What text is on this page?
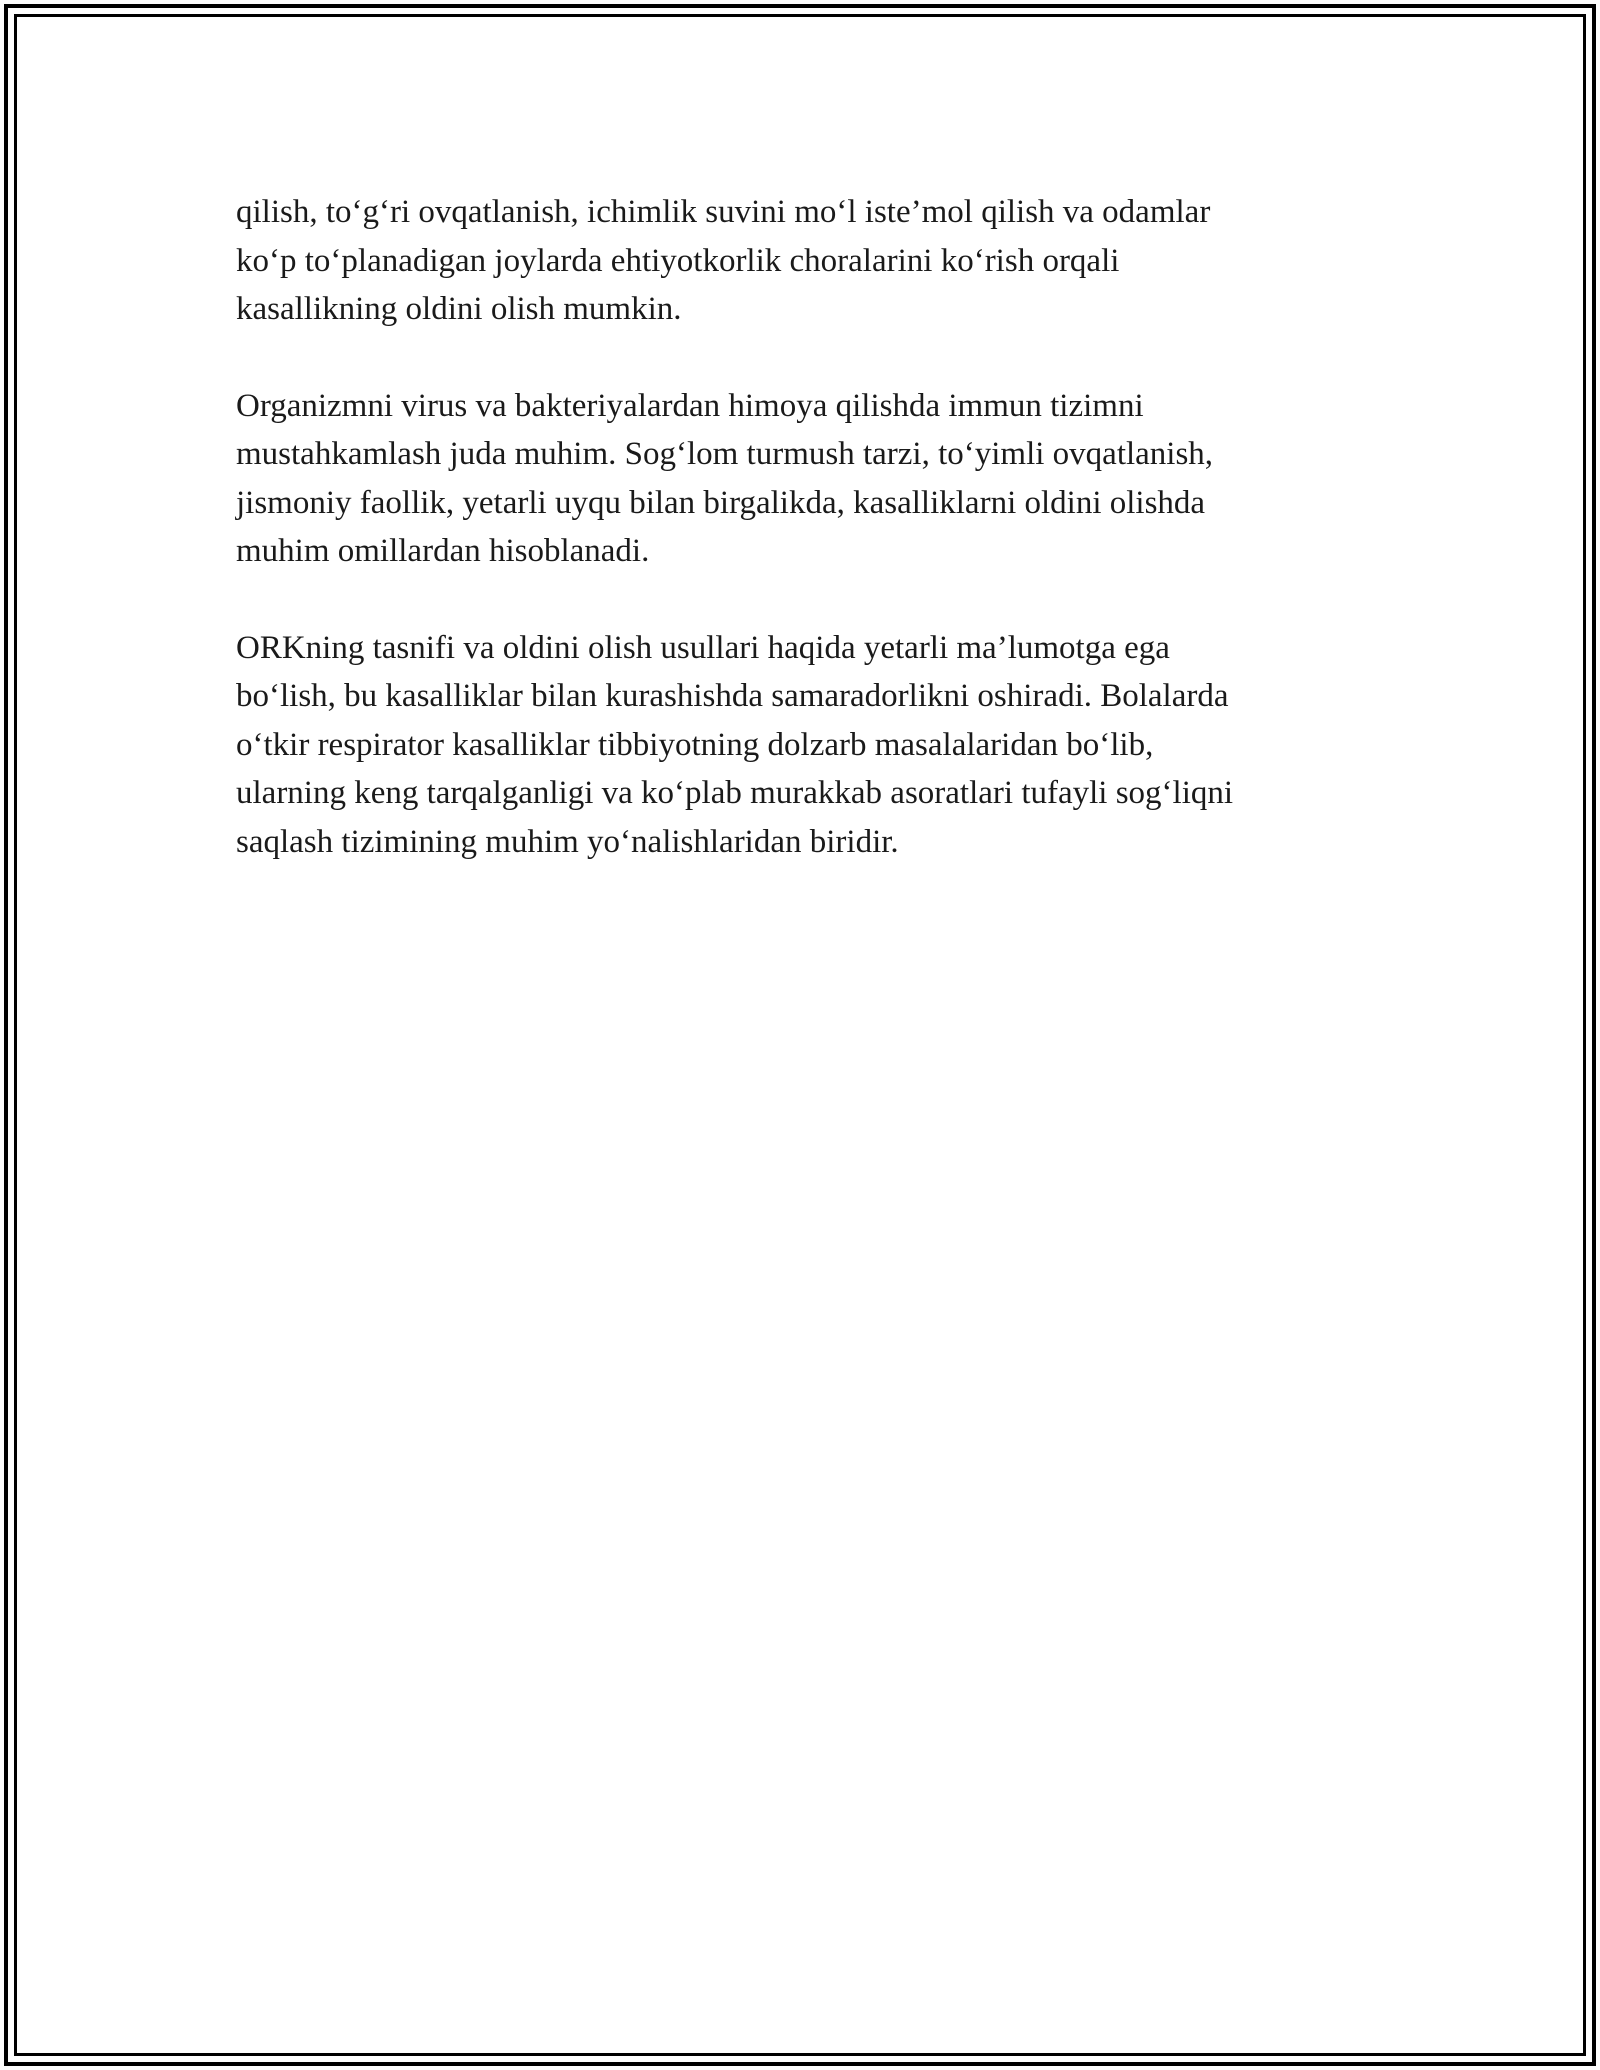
qilish, to‘g‘ri ovqatlanish, ichimlik suvini mo‘l iste’mol qilish va odamlar
ko‘p to‘planadigan joylarda ehtiyotkorlik choralarini ko‘rish orqali
kasallikning oldini olish mumkin.

Organizmni virus va bakteriyalardan himoya qilishda immun tizimni
mustahkamlash juda muhim. Sog‘lom turmush tarzi, to‘yimli ovqatlanish,
jismoniy faollik, yetarli uyqu bilan birgalikda, kasalliklarni oldini olishda
muhim omillardan hisoblanadi.

ORKning tasnifi va oldini olish usullari haqida yetarli ma’lumotga ega
bo‘lish, bu kasalliklar bilan kurashishda samaradorlikni oshiradi. Bolalarda
o‘tkir respirator kasalliklar tibbiyotning dolzarb masalalaridan bo‘lib,
ularning keng tarqalganligi va ko‘plab murakkab asoratlari tufayli sog‘liqni
saqlash tizimining muhim yo‘nalishlaridan biridir.
